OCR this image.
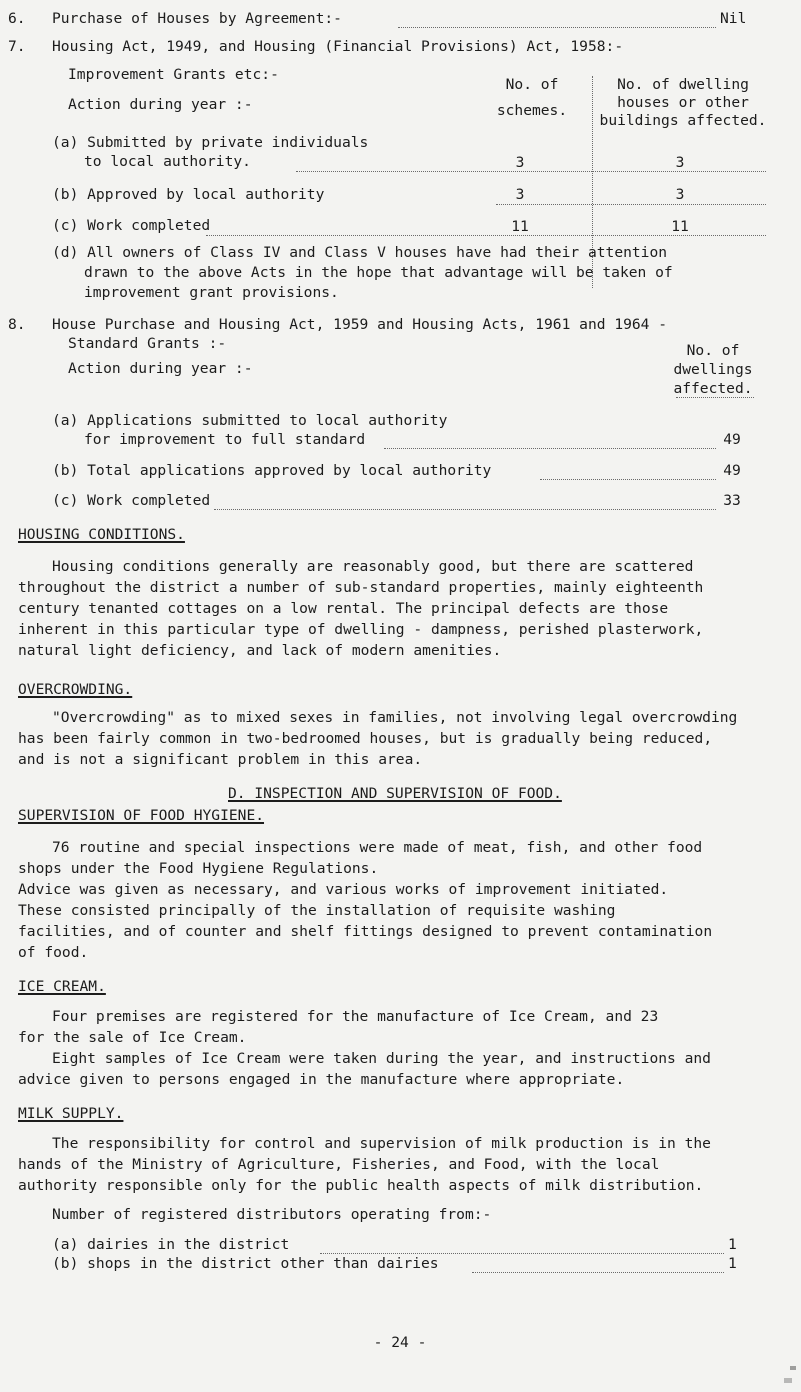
6. Purchase of Houses by Agreement:-	Nil
7. Housing Act, 1949, and Housing (Financial Provisions) Act, 1958:-
Improvement Grants etc:-
Action during year :-
No. of
schemes.
No. of dwelling
houses or other
buildings affected.
(a) Submitted by private individuals
to local authority.	3	3
(b) Approved by local authority	3	3
(c) Work completed	11	11
(d) All owners of Class IV and Class V houses have had their attention
drawn to the above Acts in the hope that advantage will be taken of
improvement grant provisions.
8. House Purchase and Housing Act, 1959 and Housing Acts, 1961 and 1964 -
Standard Grants :-
Action during year :-
No. of
dwellings
affected.
(a) Applications submitted to local authority
for improvement to full standard	49
(b) Total applications approved by local authority	49
(c) Work completed	33
HOUSING CONDITIONS.
Housing conditions generally are reasonably good, but there are scattered
throughout the district a number of sub-standard properties, mainly eighteenth
century tenanted cottages on a low rental. The principal defects are those
inherent in this particular type of dwelling - dampness, perished plasterwork,
natural light deficiency, and lack of modern amenities.
OVERCROWDING.
"Overcrowding" as to mixed sexes in families, not involving legal overcrowding
has been fairly common in two-bedroomed houses, but is gradually being reduced,
and is not a significant problem in this area.
D. INSPECTION AND SUPERVISION OF FOOD.
SUPERVISION OF FOOD HYGIENE.
76 routine and special inspections were made of meat, fish, and other food
shops under the Food Hygiene Regulations.
Advice was given as necessary, and various works of improvement initiated.
These consisted principally of the installation of requisite washing
facilities, and of counter and shelf fittings designed to prevent contamination
of food.
ICE CREAM.
Four premises are registered for the manufacture of Ice Cream, and 23
for the sale of Ice Cream.
Eight samples of Ice Cream were taken during the year, and instructions and
advice given to persons engaged in the manufacture where appropriate.
MILK SUPPLY.
The responsibility for control and supervision of milk production is in the
hands of the Ministry of Agriculture, Fisheries, and Food, with the local
authority responsible only for the public health aspects of milk distribution.
Number of registered distributors operating from:-
(a) dairies in the district	1
(b) shops in the district other than dairies	1
- 24 -
